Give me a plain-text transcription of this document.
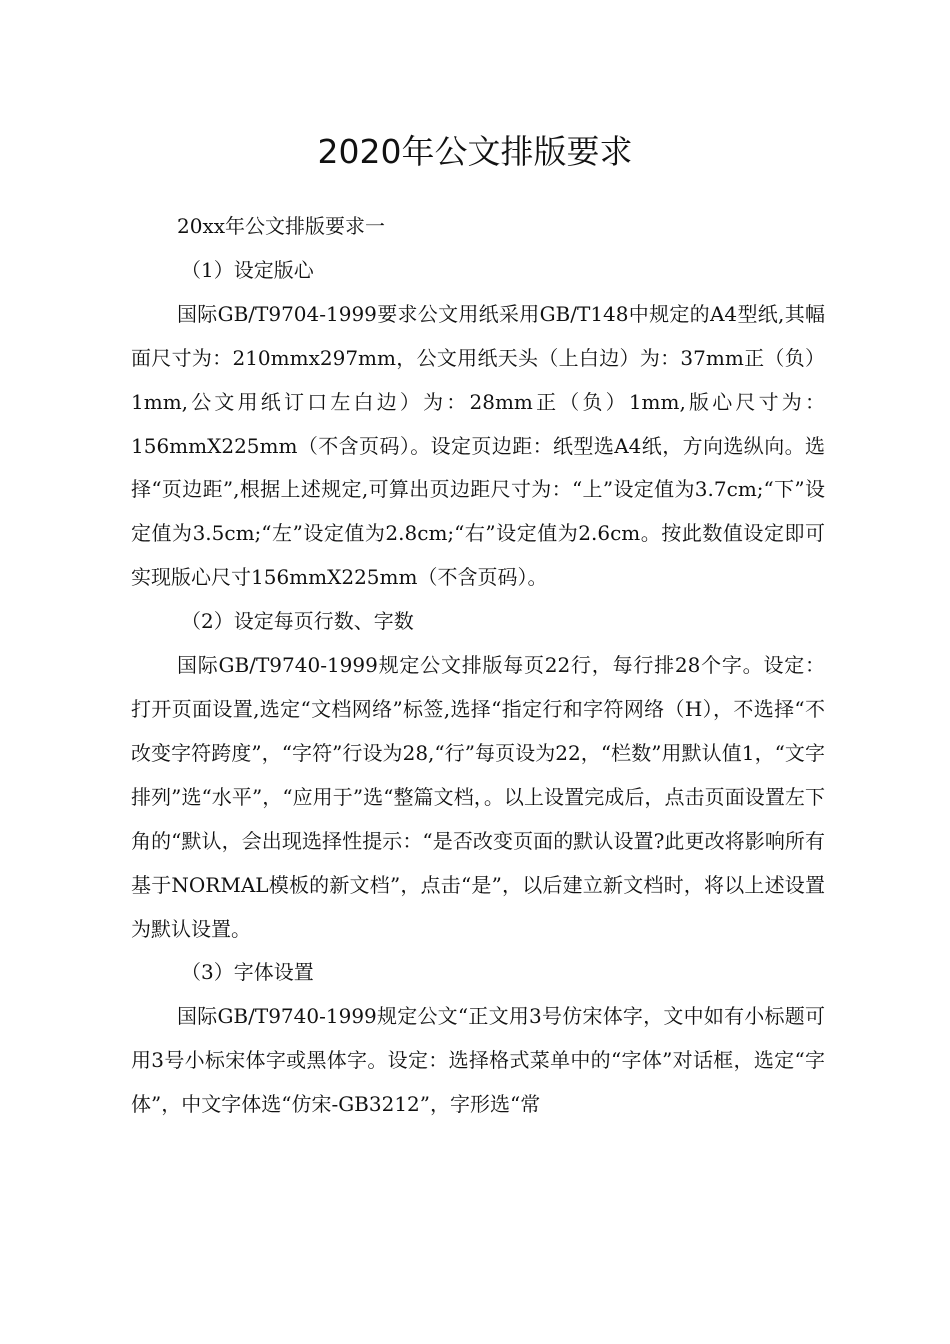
2020年公文排版要求

20xx年公文排版要求一

（1）设定版心

国际GB/T9704-1999要求公文用纸采用GB/T148中规定的A4型纸,其幅面尺寸为：210mmx297mm，公文用纸天头（上白边）为：37mm正（负）1mm,公文用纸订口左白边）为：28mm正（负）1mm,版心尺寸为：156mmX225mm（不含页码）。设定页边距：纸型选A4纸，方向选纵向。选择“页边距”,根据上述规定,可算出页边距尺寸为：“上”设定值为3.7cm;“下”设定值为3.5cm;“左”设定值为2.8cm;“右”设定值为2.6cm。按此数值设定即可实现版心尺寸156mmX225mm（不含页码）。

（2）设定每页行数、字数

国际GB/T9740-1999规定公文排版每页22行，每行排28个字。设定：打开页面设置,选定“文档网络”标签,选择“指定行和字符网络（H），不选择“不改变字符跨度”，“字符”行设为28,“行”每页设为22，“栏数”用默认值1，“文字排列”选“水平”，“应用于”选“整篇文档，。以上设置完成后，点击页面设置左下角的“默认，会出现选择性提示：“是否改变页面的默认设置?此更改将影响所有基于NORMAL模板的新文档”，点击“是”，以后建立新文档时，将以上述设置为默认设置。

（3）字体设置

国际GB/T9740-1999规定公文“正文用3号仿宋体字，文中如有小标题可用3号小标宋体字或黑体字。设定：选择格式菜单中的“字体”对话框，选定“字体”，中文字体选“仿宋-GB3212”，字形选“常
